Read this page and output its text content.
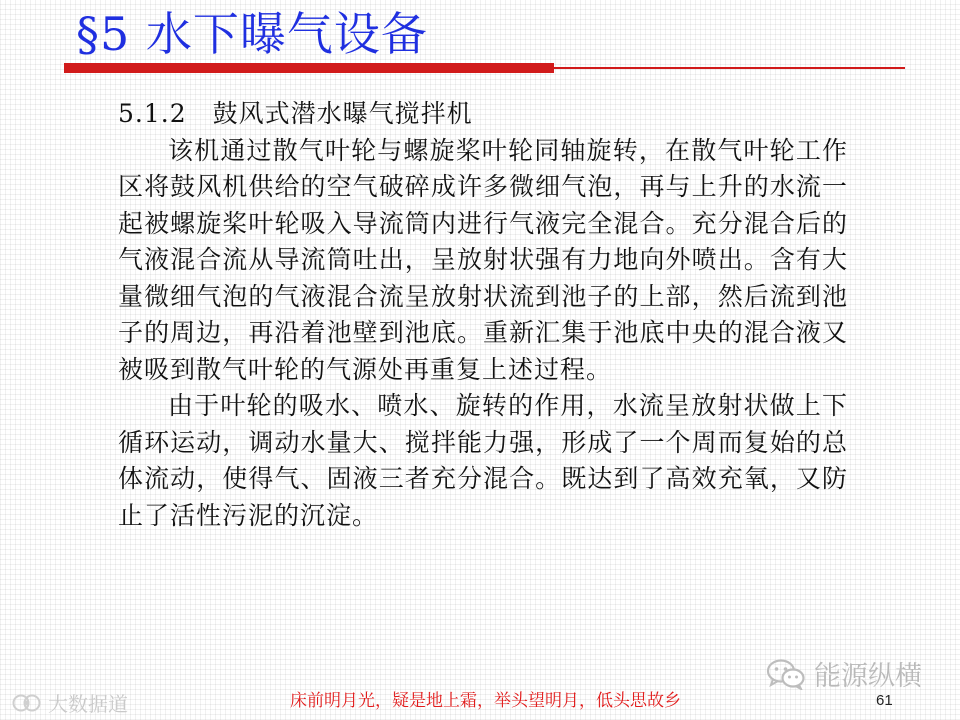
§5 水下曝气设备

5.1.2　鼓风式潜水曝气搅拌机

该机通过散气叶轮与螺旋桨叶轮同轴旋转，在散气叶轮工作区将鼓风机供给的空气破碎成许多微细气泡，再与上升的水流一起被螺旋桨叶轮吸入导流筒内进行气液完全混合。充分混合后的气液混合流从导流筒吐出，呈放射状强有力地向外喷出。含有大量微细气泡的气液混合流呈放射状流到池子的上部，然后流到池子的周边，再沿着池壁到池底。重新汇集于池底中央的混合液又被吸到散气叶轮的气源处再重复上述过程。

由于叶轮的吸水、喷水、旋转的作用，水流呈放射状做上下循环运动，调动水量大、搅拌能力强，形成了一个周而复始的总体流动，使得气、固液三者充分混合。既达到了高效充氧，又防止了活性污泥的沉淀。

能源纵横
大数据道	床前明月光，疑是地上霜，举头望明月，低头思故乡	61
